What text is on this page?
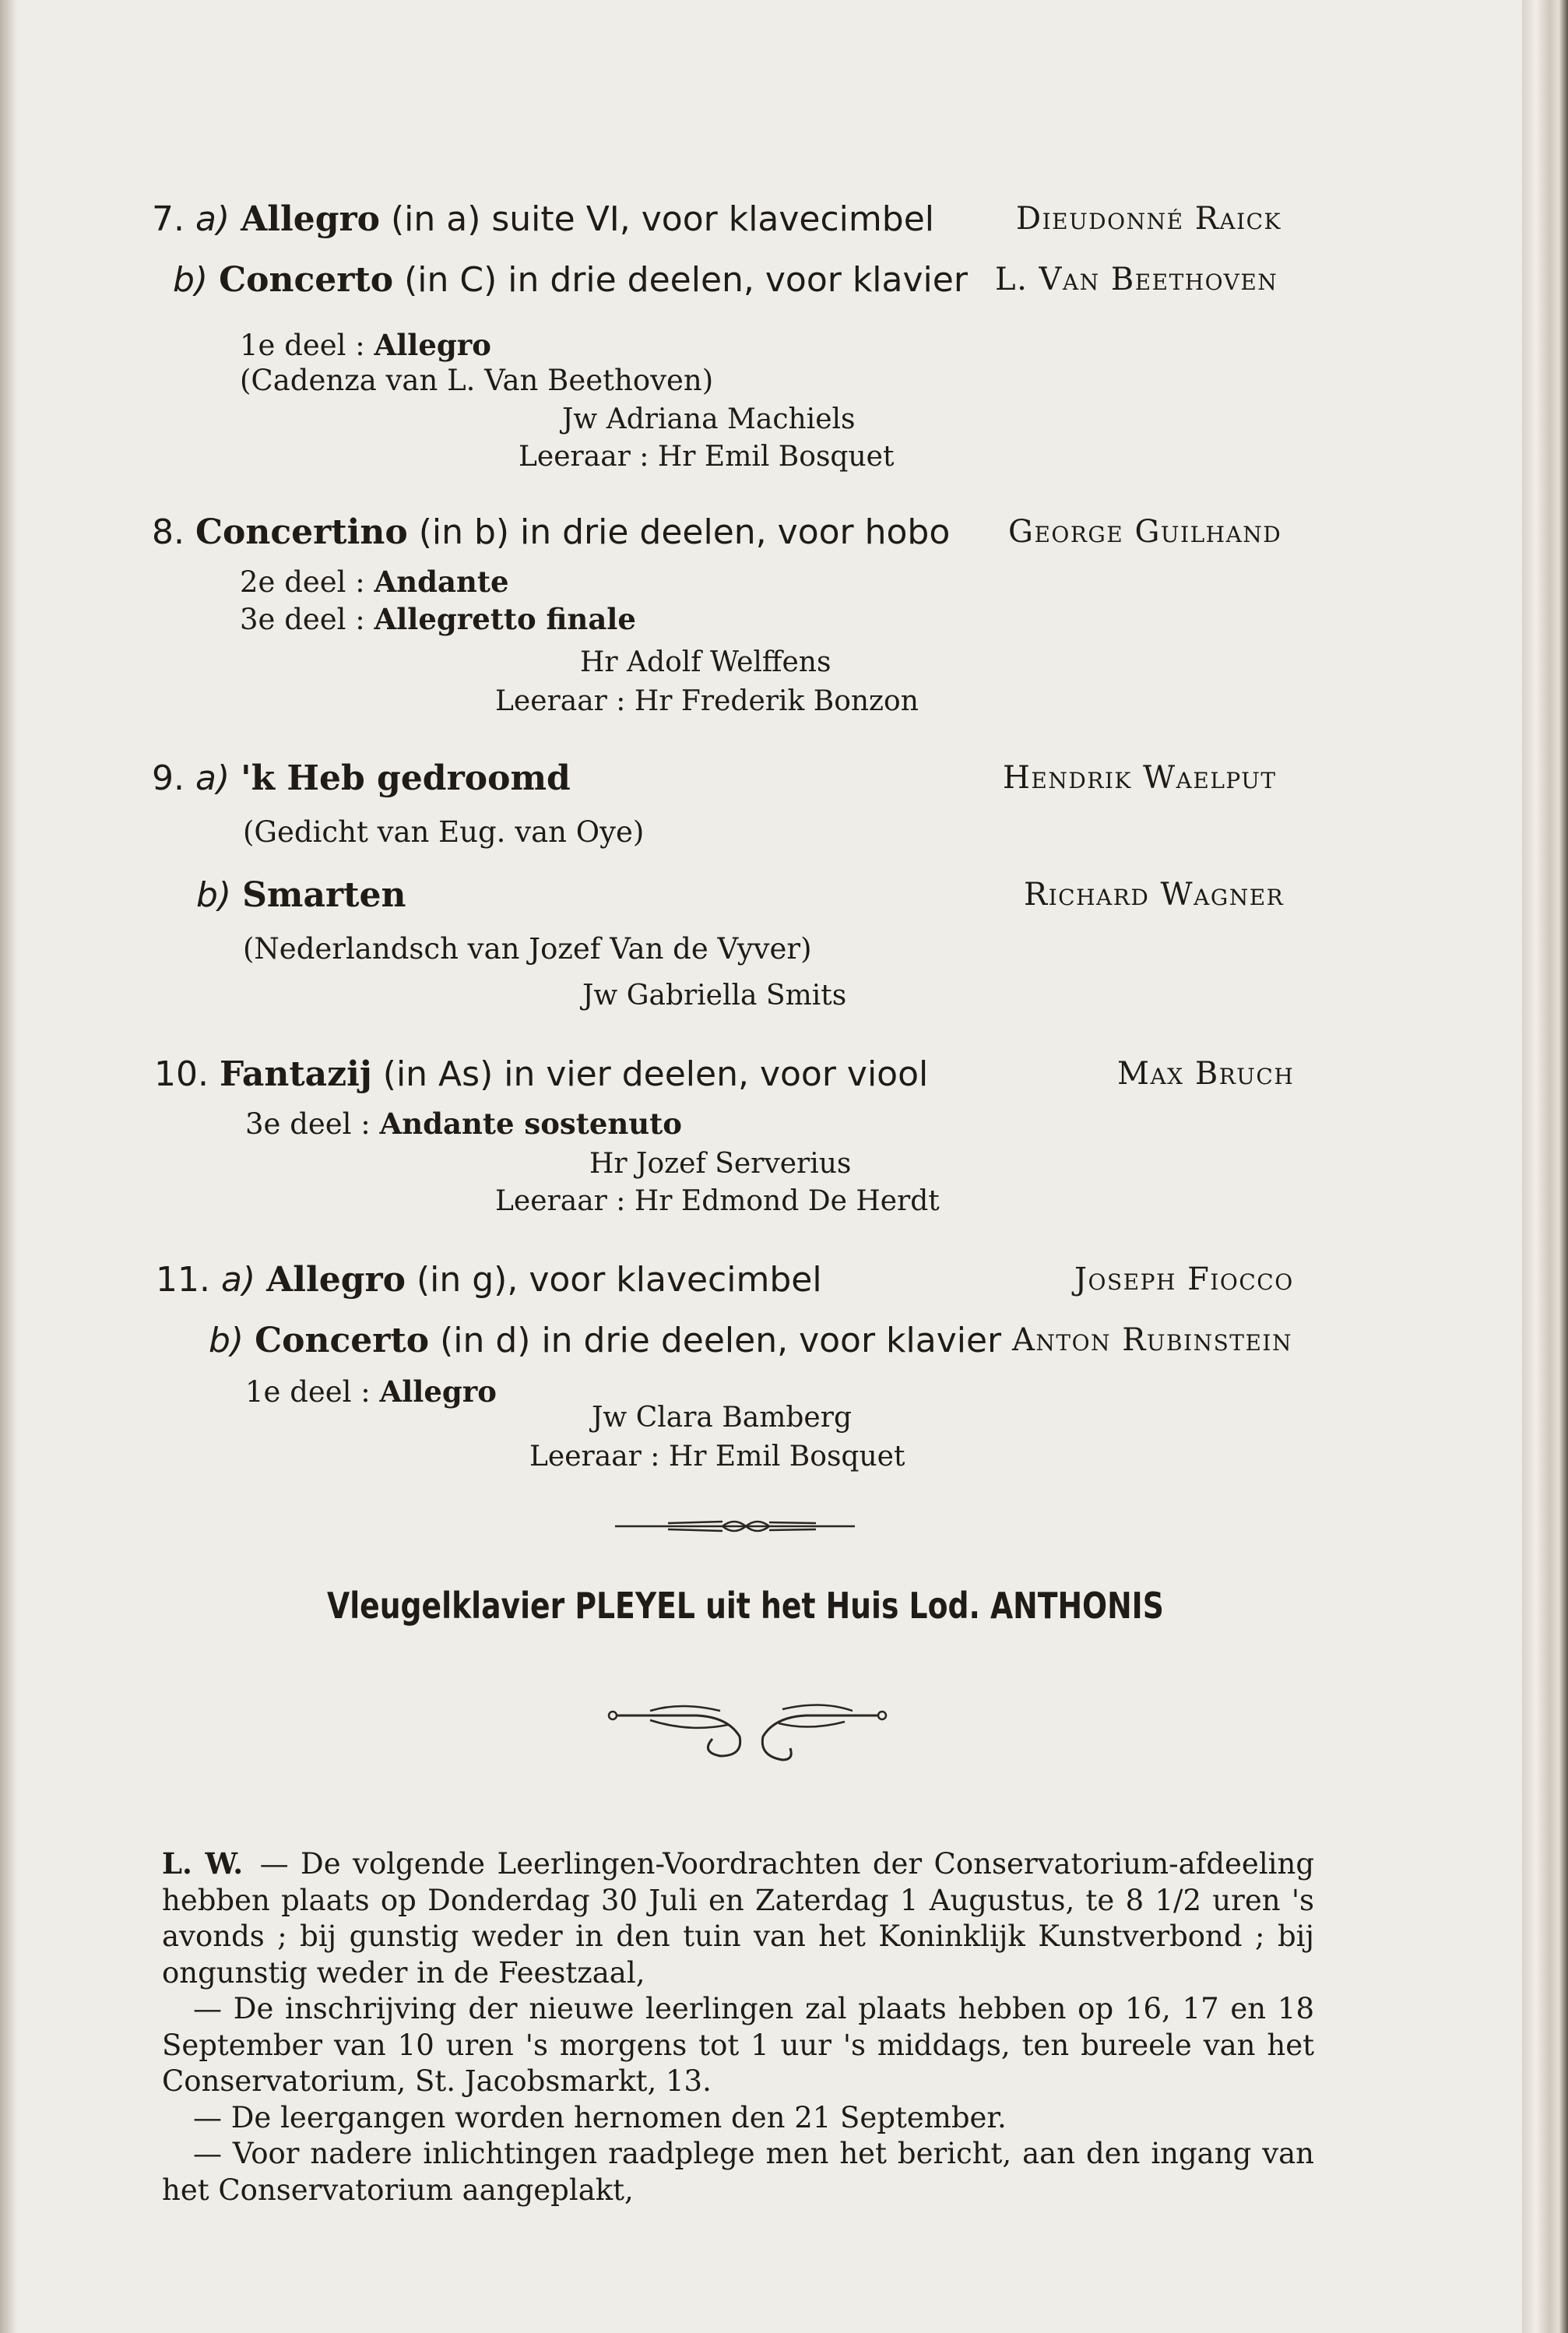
7. a) Allegro (in a) suite VI, voor klavecimbel	Dieudonné Raick
b) Concerto (in C) in drie deelen, voor klavier L. Van Beethoven
1e deel : Allegro
(Cadenza van L. Van Beethoven)
Jw Adriana Machiels
Leeraar : Hr Emil Bosquet
8. Concertino (in b) in drie deelen, voor hobo George Guilhand
2e deel : Andante
3e deel : Allegretto finale
Hr Adolf Welffens
Leeraar : Hr Frederik Bonzon
9. a) 'k Heb gedroomd	Hendrik Waelput
(Gedicht van Eug. van Oye)
b) Smarten	Richard Wagner
(Nederlandsch van Jozef Van de Vyver)
Jw Gabriella Smits
10. Fantazij (in As) in vier deelen, voor viool	Max Bruch
3e deel : Andante sostenuto
Hr Jozef Serverius
Leeraar : Hr Edmond De Herdt
11. a) Allegro (in g), voor klavecimbel	Joseph Fiocco
b) Concerto (in d) in drie deelen, voor klavier Anton Rubinstein
1e deel : Allegro
Jw Clara Bamberg
Leeraar : Hr Emil Bosquet
Vleugelklavier PLEYEL uit het Huis Lod. ANTHONIS

L. W. — De volgende Leerlingen-Voordrachten der Conservatorium-afdeeling hebben plaats op Donderdag 30 Juli en Zaterdag 1 Augustus, te 8 1/2 uren 's avonds ; bij gunstig weder in den tuin van het Koninklijk Kunstverbond ; bij ongunstig weder in de Feestzaal,

— De inschrijving der nieuwe leerlingen zal plaats hebben op 16, 17 en 18 September van 10 uren 's morgens tot 1 uur 's middags, ten bureele van het Conservatorium, St. Jacobsmarkt, 13.

— De leergangen worden hernomen den 21 September.

— Voor nadere inlichtingen raadplege men het bericht, aan den ingang van het Conservatorium aangeplakt,
